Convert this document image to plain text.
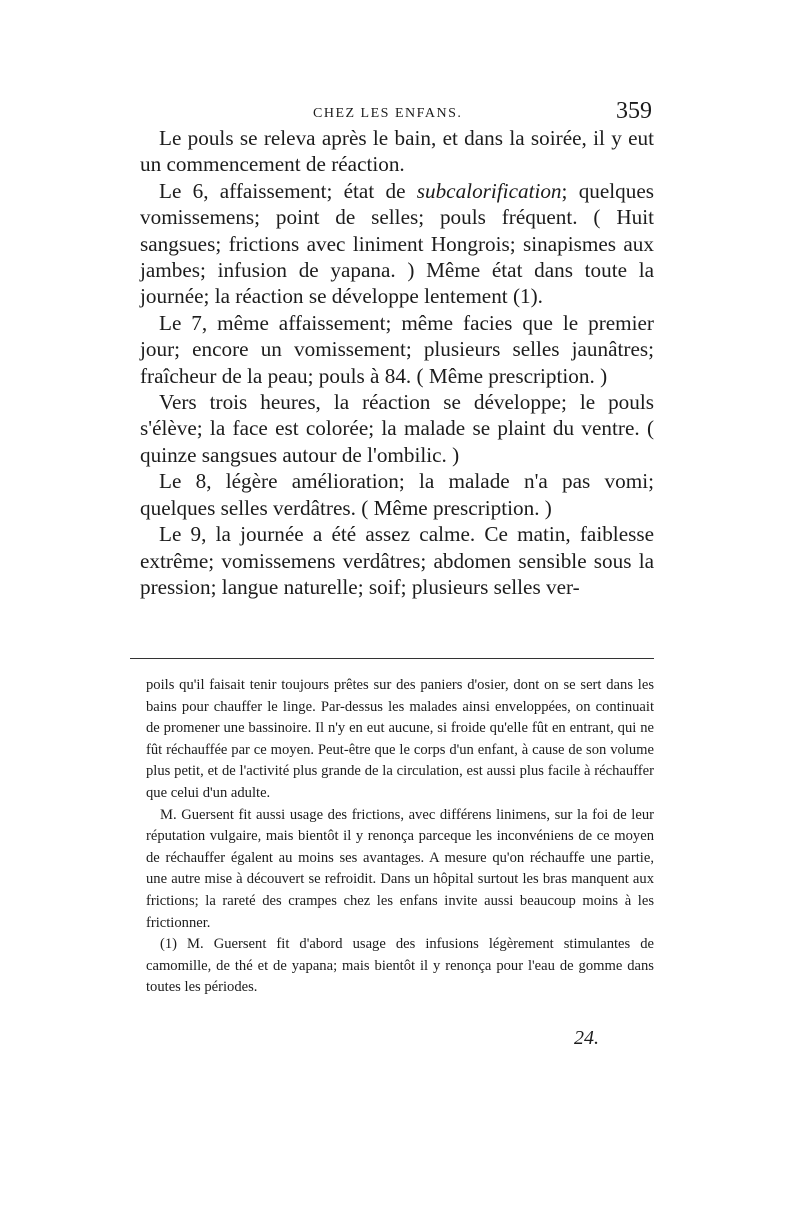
CHEZ LES ENFANS.	359

Le pouls se releva après le bain, et dans la soirée, il y eut un commencement de réaction.

Le 6, affaissement; état de subcalorification; quelques vomissemens; point de selles; pouls fréquent. ( Huit sangsues; frictions avec liniment Hongrois; sinapismes aux jambes; infusion de yapana. ) Même état dans toute la journée; la réaction se développe lentement (1).

Le 7, même affaissement; même facies que le premier jour; encore un vomissement; plusieurs selles jaunâtres; fraîcheur de la peau; pouls à 84. ( Même prescription. )

Vers trois heures, la réaction se développe; le pouls s'élève; la face est colorée; la malade se plaint du ventre. ( quinze sangsues autour de l'ombilic. )

Le 8, légère amélioration; la malade n'a pas vomi; quelques selles verdâtres. ( Même prescription. )

Le 9, la journée a été assez calme. Ce matin, faiblesse extrême; vomissemens verdâtres; abdomen sensible sous la pression; langue naturelle; soif; plusieurs selles ver-

poils qu'il faisait tenir toujours prêtes sur des paniers d'osier, dont on se sert dans les bains pour chauffer le linge. Par-dessus les malades ainsi enveloppées, on continuait de promener une bassinoire. Il n'y en eut aucune, si froide qu'elle fût en entrant, qui ne fût réchauffée par ce moyen. Peut-être que le corps d'un enfant, à cause de son volume plus petit, et de l'activité plus grande de la circulation, est aussi plus facile à réchauffer que celui d'un adulte.

M. Guersent fit aussi usage des frictions, avec différens linimens, sur la foi de leur réputation vulgaire, mais bientôt il y renonça parceque les inconvéniens de ce moyen de réchauffer égalent au moins ses avantages. A mesure qu'on réchauffe une partie, une autre mise à découvert se refroidit. Dans un hôpital surtout les bras manquent aux frictions; la rareté des crampes chez les enfans invite aussi beaucoup moins à les frictionner.

(1) M. Guersent fit d'abord usage des infusions légèrement stimulantes de camomille, de thé et de yapana; mais bientôt il y renonça pour l'eau de gomme dans toutes les périodes.

24.
